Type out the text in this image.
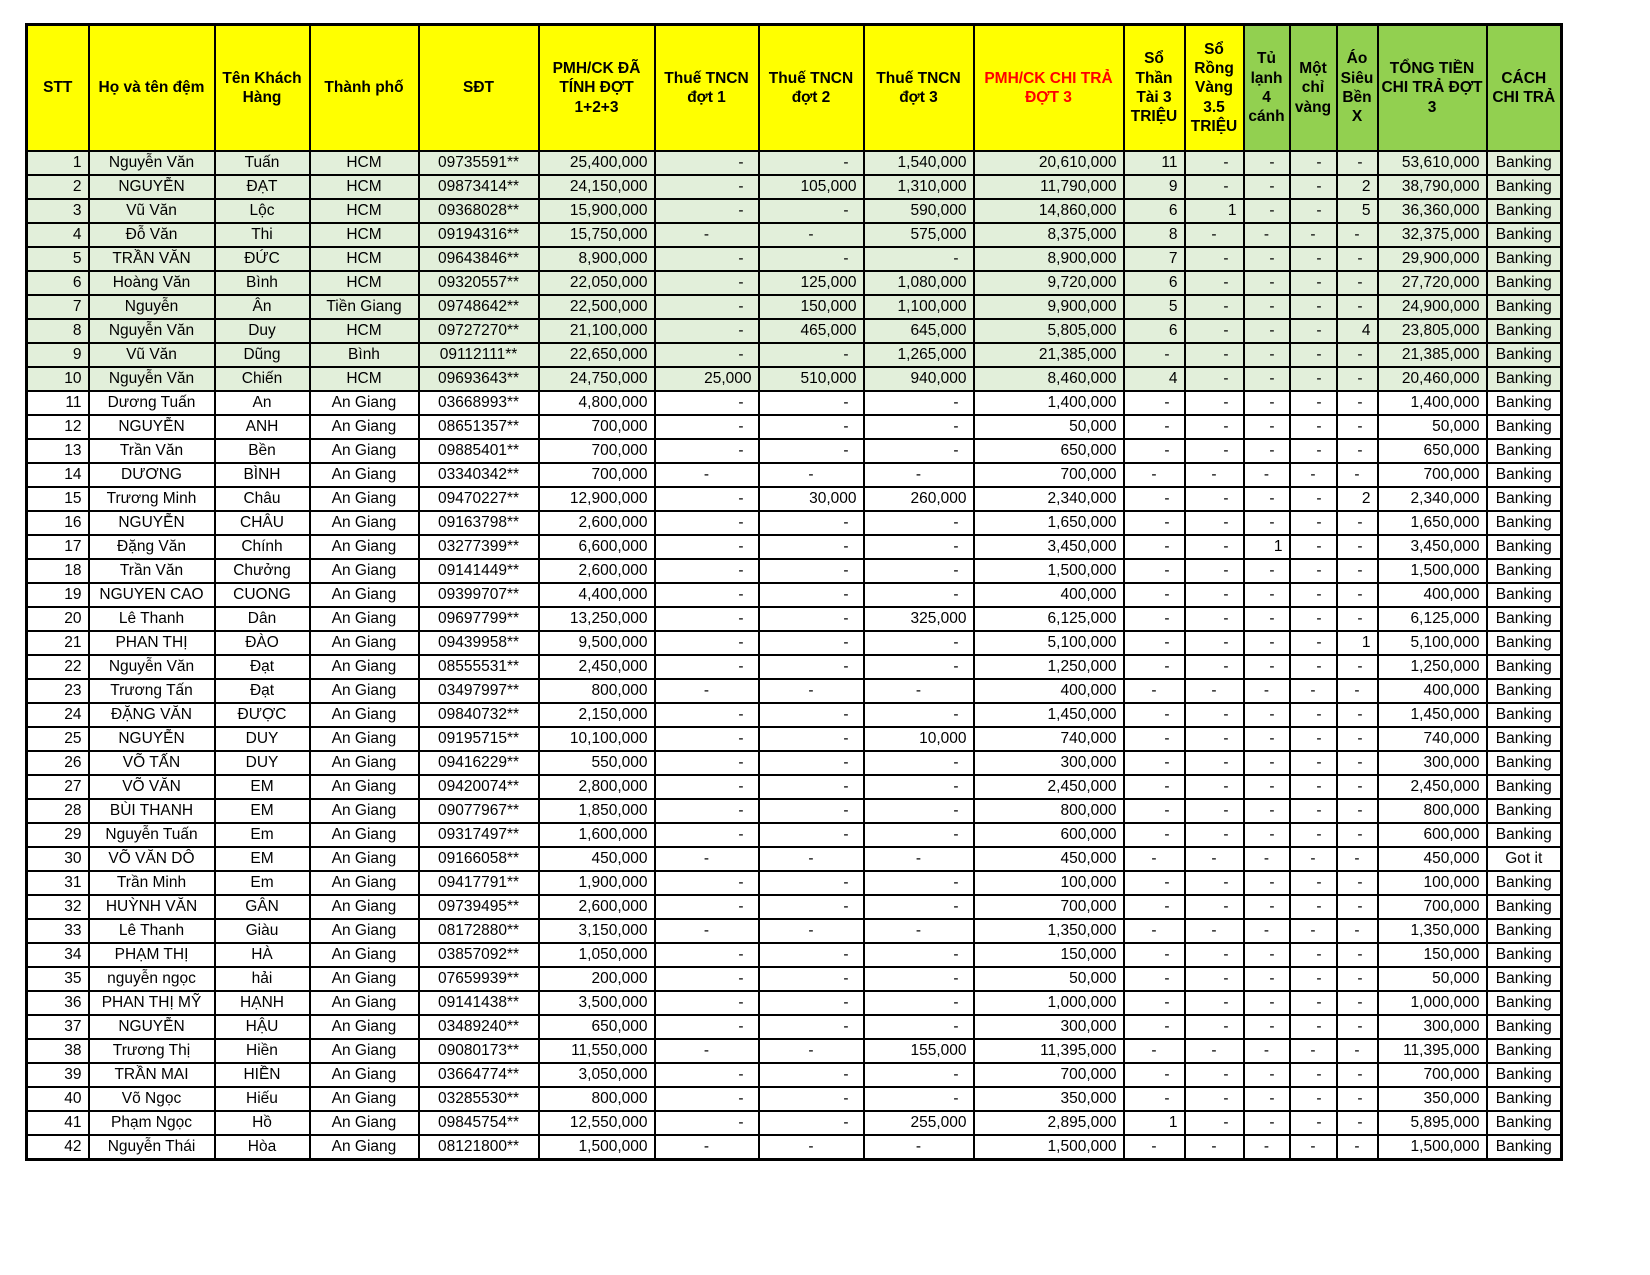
STT	Họ và tên đệm	Tên Khách Hàng	Thành phố	SĐT	PMH/CK ĐÃ TÍNH ĐỢT 1+2+3	Thuế TNCN đợt 1	Thuế TNCN đợt 2	Thuế TNCN đợt 3	PMH/CK CHI TRẢ ĐỢT 3	Sổ Thần Tài 3 TRIỆU	Sổ Rồng Vàng 3.5 TRIỆU	Tủ lạnh 4 cánh	Một chỉ vàng	Áo Siêu Bền X	TỔNG TIỀN CHI TRẢ ĐỢT 3	CÁCH CHI TRẢ
1	Nguyễn Văn	Tuấn	HCM	09735591**	25,400,000	-	-	1,540,000	20,610,000	11	-	-	-	-	53,610,000	Banking
2	NGUYỄN	ĐẠT	HCM	09873414**	24,150,000	-	105,000	1,310,000	11,790,000	9	-	-	-	2	38,790,000	Banking
3	Vũ Văn	Lộc	HCM	09368028**	15,900,000	-	-	590,000	14,860,000	6	1	-	-	5	36,360,000	Banking
4	Đỗ Văn	Thi	HCM	09194316**	15,750,000	-	-	575,000	8,375,000	8	-	-	-	-	32,375,000	Banking
5	TRẦN VĂN	ĐỨC	HCM	09643846**	8,900,000	-	-	-	8,900,000	7	-	-	-	-	29,900,000	Banking
6	Hoàng Văn	Bình	HCM	09320557**	22,050,000	-	125,000	1,080,000	9,720,000	6	-	-	-	-	27,720,000	Banking
7	Nguyễn	Ân	Tiền Giang	09748642**	22,500,000	-	150,000	1,100,000	9,900,000	5	-	-	-	-	24,900,000	Banking
8	Nguyễn Văn	Duy	HCM	09727270**	21,100,000	-	465,000	645,000	5,805,000	6	-	-	-	4	23,805,000	Banking
9	Vũ Văn	Dũng	Bình	09112111**	22,650,000	-	-	1,265,000	21,385,000	-	-	-	-	-	21,385,000	Banking
10	Nguyễn Văn	Chiến	HCM	09693643**	24,750,000	25,000	510,000	940,000	8,460,000	4	-	-	-	-	20,460,000	Banking
11	Dương Tuấn	An	An Giang	03668993**	4,800,000	-	-	-	1,400,000	-	-	-	-	-	1,400,000	Banking
12	NGUYỄN	ANH	An Giang	08651357**	700,000	-	-	-	50,000	-	-	-	-	-	50,000	Banking
13	Trần Văn	Bền	An Giang	09885401**	700,000	-	-	-	650,000	-	-	-	-	-	650,000	Banking
14	DƯƠNG	BÌNH	An Giang	03340342**	700,000	-	-	-	700,000	-	-	-	-	-	700,000	Banking
15	Trương Minh	Châu	An Giang	09470227**	12,900,000	-	30,000	260,000	2,340,000	-	-	-	-	2	2,340,000	Banking
16	NGUYỄN	CHÂU	An Giang	09163798**	2,600,000	-	-	-	1,650,000	-	-	-	-	-	1,650,000	Banking
17	Đặng Văn	Chính	An Giang	03277399**	6,600,000	-	-	-	3,450,000	-	-	1	-	-	3,450,000	Banking
18	Trần Văn	Chưởng	An Giang	09141449**	2,600,000	-	-	-	1,500,000	-	-	-	-	-	1,500,000	Banking
19	NGUYEN CAO	CUONG	An Giang	09399707**	4,400,000	-	-	-	400,000	-	-	-	-	-	400,000	Banking
20	Lê Thanh	Dân	An Giang	09697799**	13,250,000	-	-	325,000	6,125,000	-	-	-	-	-	6,125,000	Banking
21	PHAN THỊ	ĐÀO	An Giang	09439958**	9,500,000	-	-	-	5,100,000	-	-	-	-	1	5,100,000	Banking
22	Nguyễn Văn	Đạt	An Giang	08555531**	2,450,000	-	-	-	1,250,000	-	-	-	-	-	1,250,000	Banking
23	Trương Tấn	Đạt	An Giang	03497997**	800,000	-	-	-	400,000	-	-	-	-	-	400,000	Banking
24	ĐẶNG VĂN	ĐƯỢC	An Giang	09840732**	2,150,000	-	-	-	1,450,000	-	-	-	-	-	1,450,000	Banking
25	NGUYỄN	DUY	An Giang	09195715**	10,100,000	-	-	10,000	740,000	-	-	-	-	-	740,000	Banking
26	VÕ TẤN	DUY	An Giang	09416229**	550,000	-	-	-	300,000	-	-	-	-	-	300,000	Banking
27	VÕ VĂN	EM	An Giang	09420074**	2,800,000	-	-	-	2,450,000	-	-	-	-	-	2,450,000	Banking
28	BÙI THANH	EM	An Giang	09077967**	1,850,000	-	-	-	800,000	-	-	-	-	-	800,000	Banking
29	Nguyễn Tuấn	Em	An Giang	09317497**	1,600,000	-	-	-	600,000	-	-	-	-	-	600,000	Banking
30	VÕ VĂN DÔ	EM	An Giang	09166058**	450,000	-	-	-	450,000	-	-	-	-	-	450,000	Got it
31	Trần Minh	Em	An Giang	09417791**	1,900,000	-	-	-	100,000	-	-	-	-	-	100,000	Banking
32	HUỲNH VĂN	GÂN	An Giang	09739495**	2,600,000	-	-	-	700,000	-	-	-	-	-	700,000	Banking
33	Lê Thanh	Giàu	An Giang	08172880**	3,150,000	-	-	-	1,350,000	-	-	-	-	-	1,350,000	Banking
34	PHẠM THỊ	HÀ	An Giang	03857092**	1,050,000	-	-	-	150,000	-	-	-	-	-	150,000	Banking
35	nguyễn ngọc	hải	An Giang	07659939**	200,000	-	-	-	50,000	-	-	-	-	-	50,000	Banking
36	PHAN THỊ MỸ	HẠNH	An Giang	09141438**	3,500,000	-	-	-	1,000,000	-	-	-	-	-	1,000,000	Banking
37	NGUYỄN	HẬU	An Giang	03489240**	650,000	-	-	-	300,000	-	-	-	-	-	300,000	Banking
38	Trương Thị	Hiền	An Giang	09080173**	11,550,000	-	-	155,000	11,395,000	-	-	-	-	-	11,395,000	Banking
39	TRẦN MAI	HIỀN	An Giang	03664774**	3,050,000	-	-	-	700,000	-	-	-	-	-	700,000	Banking
40	Võ Ngọc	Hiếu	An Giang	03285530**	800,000	-	-	-	350,000	-	-	-	-	-	350,000	Banking
41	Phạm Ngọc	Hồ	An Giang	09845754**	12,550,000	-	-	255,000	2,895,000	1	-	-	-	-	5,895,000	Banking
42	Nguyễn Thái	Hòa	An Giang	08121800**	1,500,000	-	-	-	1,500,000	-	-	-	-	-	1,500,000	Banking
